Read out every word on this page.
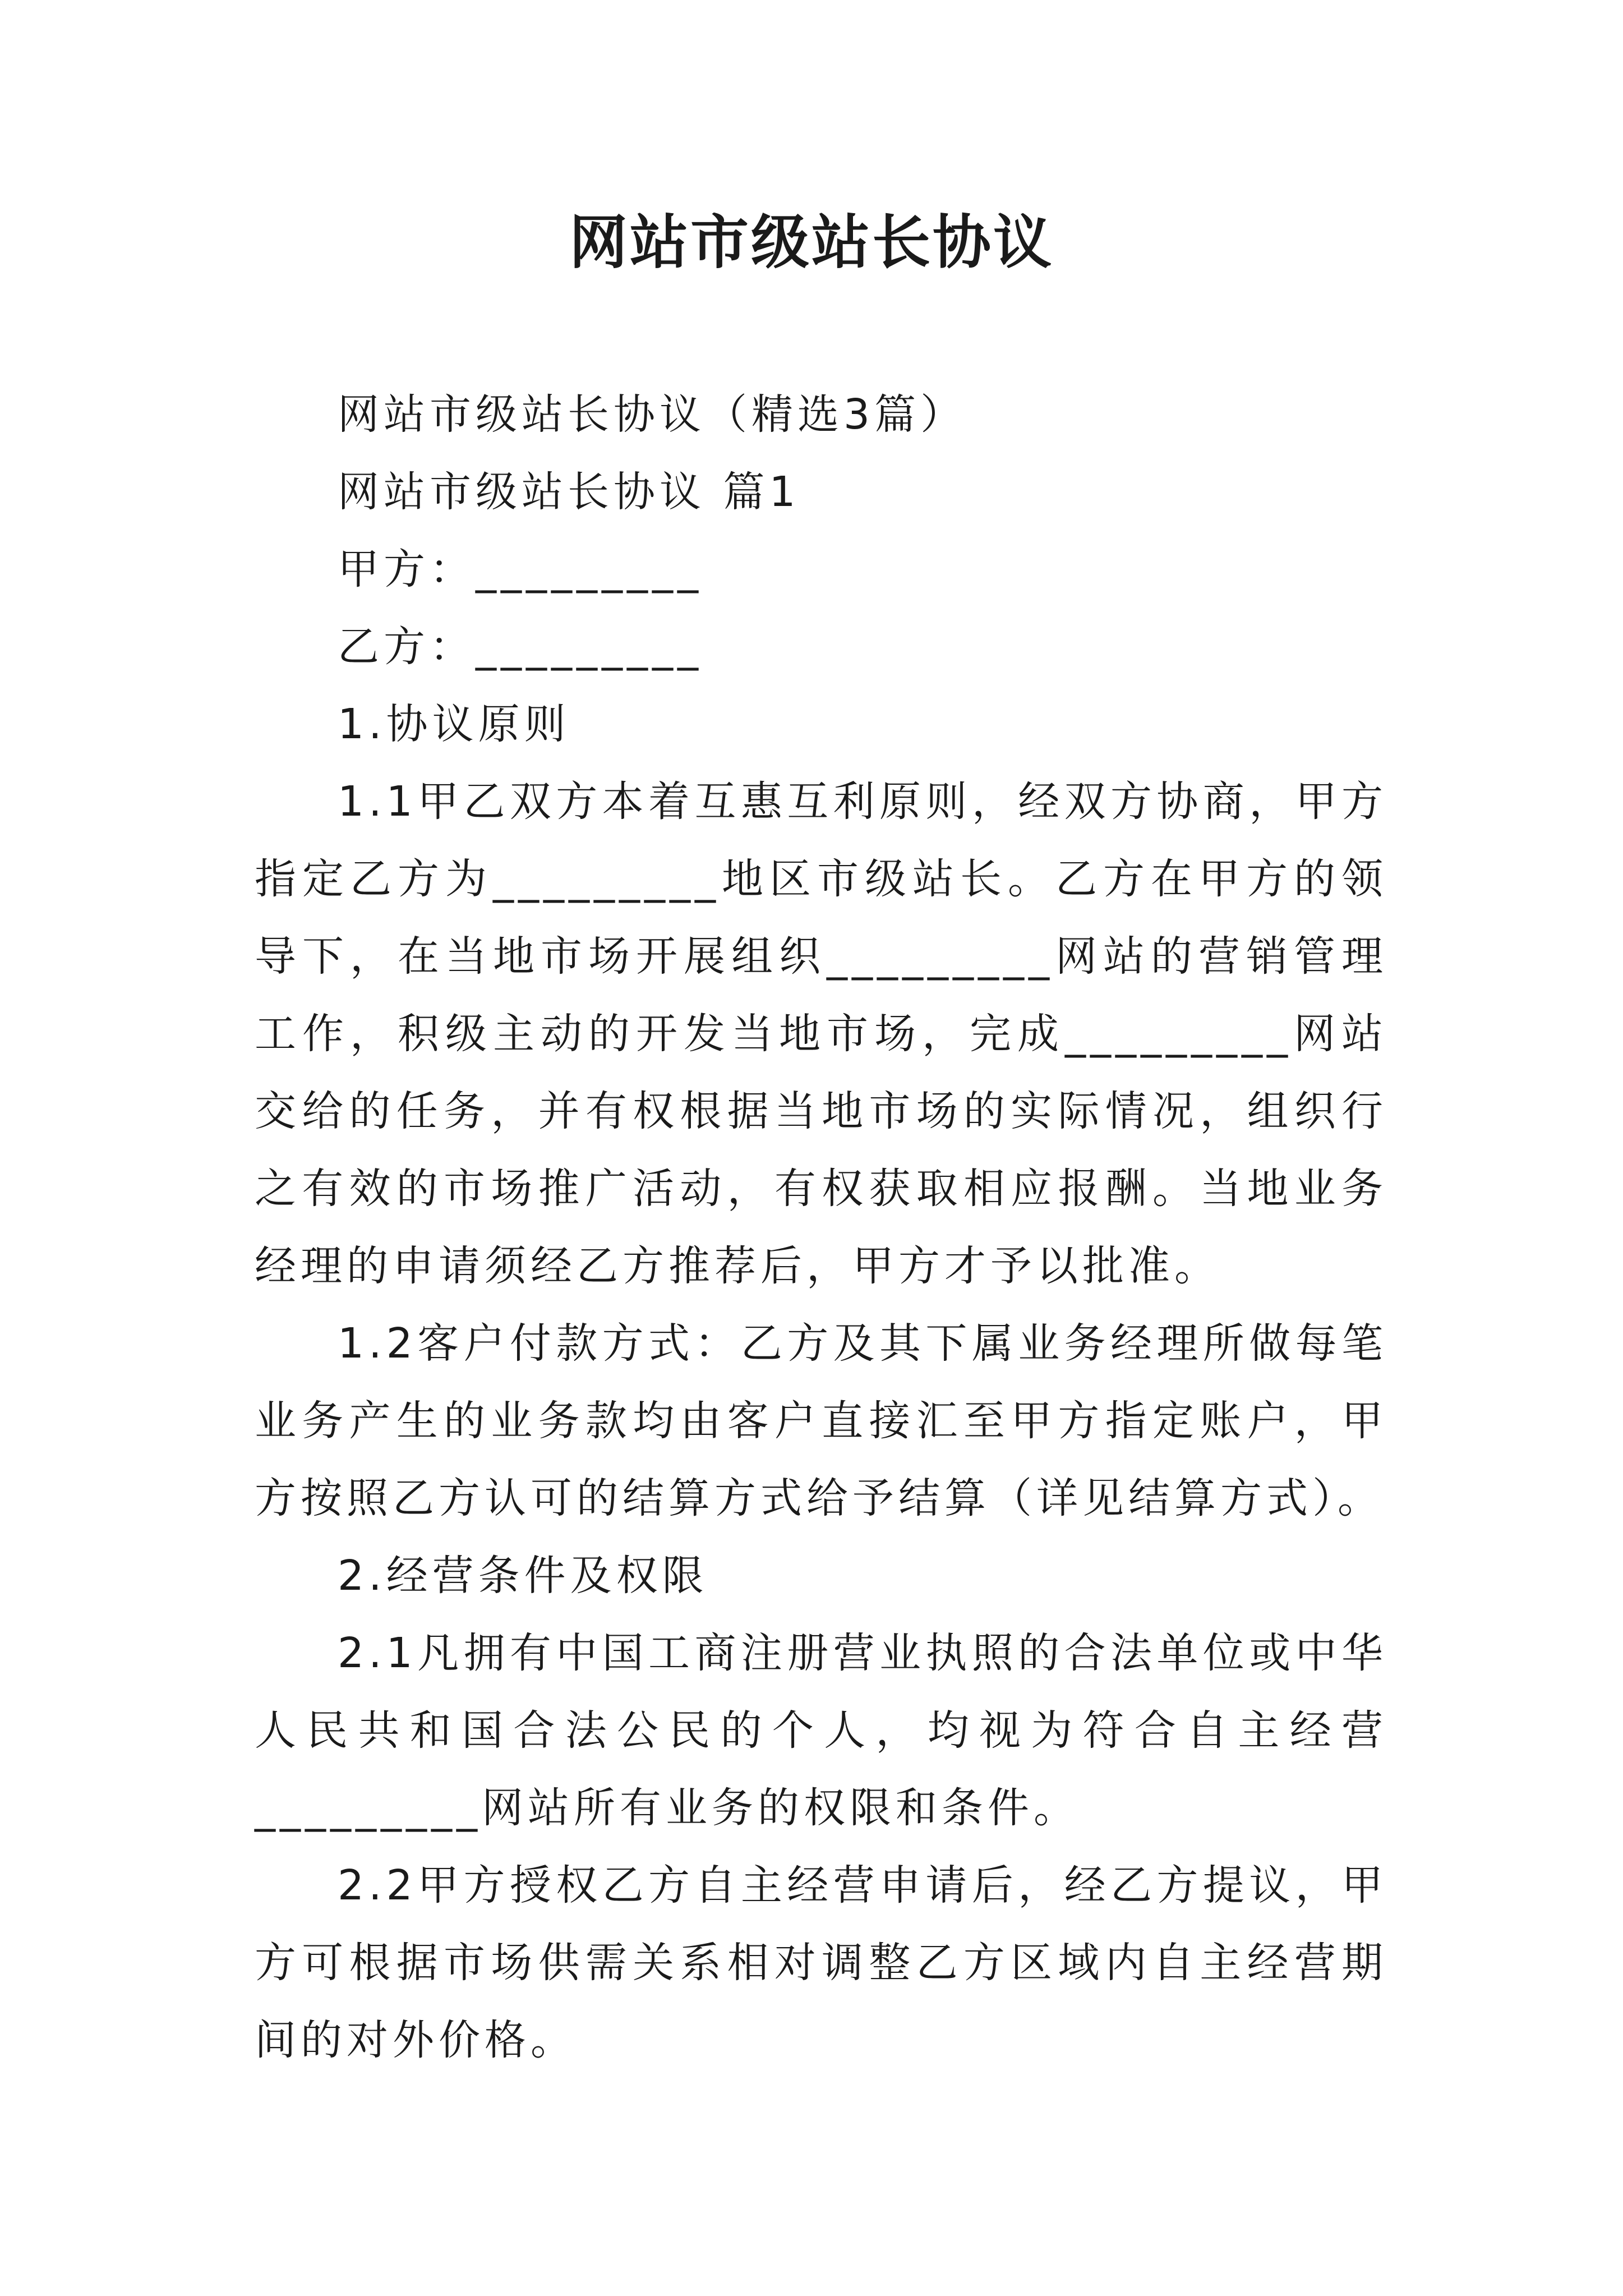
网站市级站长协议

网站市级站长协议（精选3篇）

网站市级站长协议 篇1

甲方：_________

乙方：_________

1.协议原则

1.1甲乙双方本着互惠互利原则，经双方协商，甲方指定乙方为_________地区市级站长。乙方在甲方的领导下，在当地市场开展组织_________网站的营销管理工作，积级主动的开发当地市场，完成_________网站交给的任务，并有权根据当地市场的实际情况，组织行之有效的市场推广活动，有权获取相应报酬。当地业务经理的申请须经乙方推荐后，甲方才予以批准。

1.2客户付款方式：乙方及其下属业务经理所做每笔业务产生的业务款均由客户直接汇至甲方指定账户，甲方按照乙方认可的结算方式给予结算（详见结算方式）。

2.经营条件及权限

2.1凡拥有中国工商注册营业执照的合法单位或中华人民共和国合法公民的个人，均视为符合自主经营_________网站所有业务的权限和条件。

2.2甲方授权乙方自主经营申请后，经乙方提议，甲方可根据市场供需关系相对调整乙方区域内自主经营期间的对外价格。
